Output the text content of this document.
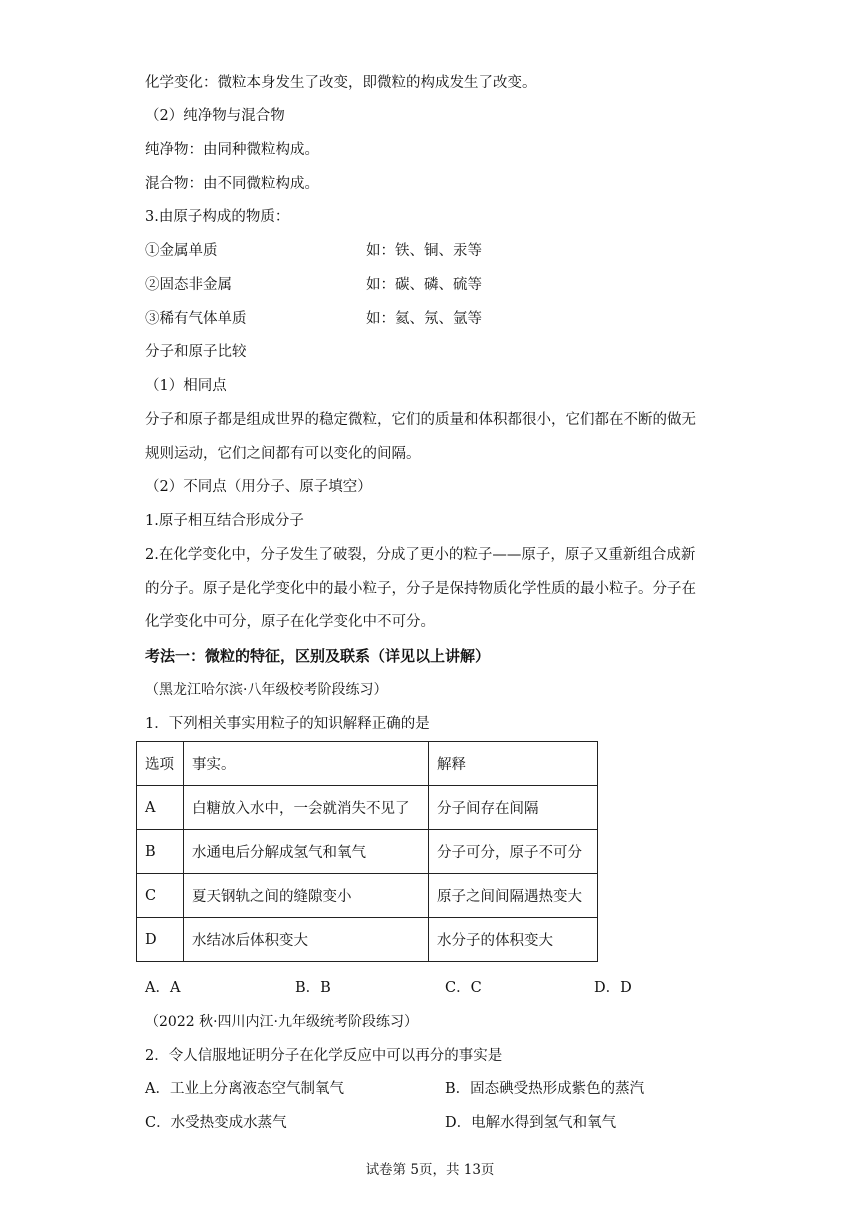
化学变化：微粒本身发生了改变，即微粒的构成发生了改变。
（2）纯净物与混合物
纯净物：由同种微粒构成。
混合物：由不同微粒构成。
3.由原子构成的物质：
①金属单质	如：铁、铜、汞等
②固态非金属	如：碳、磷、硫等
③稀有气体单质	如：氦、氖、氩等
分子和原子比较
（1）相同点
分子和原子都是组成世界的稳定微粒，它们的质量和体积都很小，它们都在不断的做无
规则运动，它们之间都有可以变化的间隔。
（2）不同点（用分子、原子填空）
1.原子相互结合形成分子
2.在化学变化中，分子发生了破裂，分成了更小的粒子——原子，原子又重新组合成新
的分子。原子是化学变化中的最小粒子，分子是保持物质化学性质的最小粒子。分子在
化学变化中可分，原子在化学变化中不可分。
考法一：微粒的特征，区别及联系（详见以上讲解）
（黑龙江哈尔滨·八年级校考阶段练习）
1．下列相关事实用粒子的知识解释正确的是
选项	事实。	解释
A	白糖放入水中，一会就消失不见了	分子间存在间隔
B	水通电后分解成氢气和氧气	分子可分，原子不可分
C	夏天钢轨之间的缝隙变小	原子之间间隔遇热变大
D	水结冰后体积变大	水分子的体积变大
A．A	B．B	C．C	D．D
（2022 秋·四川内江·九年级统考阶段练习）
2．令人信服地证明分子在化学反应中可以再分的事实是
A．工业上分离液态空气制氧气	B．固态碘受热形成紫色的蒸汽
C．水受热变成水蒸气	D．电解水得到氢气和氧气
试卷第 5页，共 13页
